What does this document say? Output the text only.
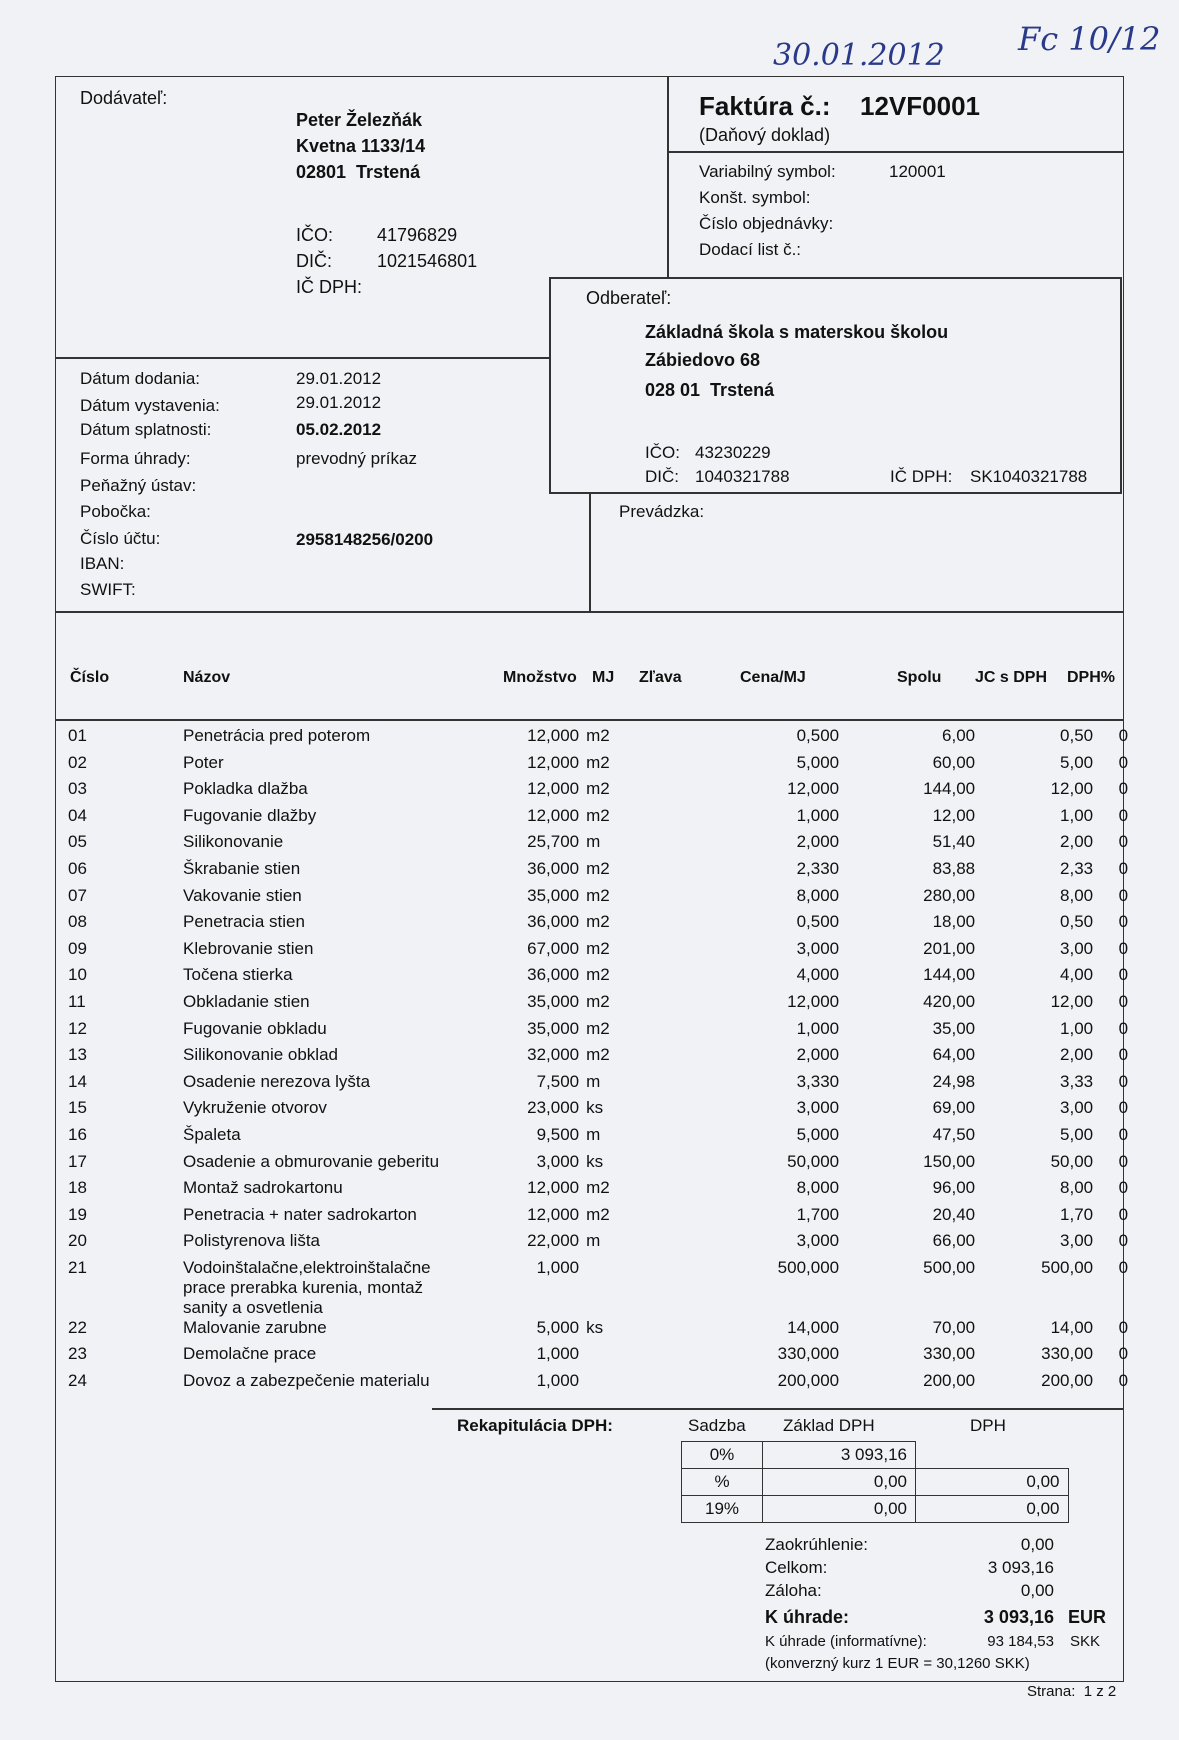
30.01.2012 Fc 10/12
Dodávateľ:
Peter Železňák
Kvetna 1133/14
02801  Trstená
IČO: 41796829
DIČ:	1021546801
IČ DPH:
Faktúra č.: 12VF0001
(Daňový doklad)
Variabilný symbol:	120001
Konšt. symbol:
Číslo objednávky:
Dodací list č.:
Odberateľ:
Základná škola s materskou školou
Zábiedovo 68
028 01  Trstená
IČO: 43230229
DIČ: 1040321788	IČ DPH: SK1040321788
Dátum dodania:	29.01.2012
Dátum vystavenia:	29.01.2012
Dátum splatnosti:	05.02.2012
Forma úhrady:	prevodný príkaz
Peňažný ústav:
Pobočka:	Prevádzka:
Číslo účtu:	2958148256/0200
IBAN:
SWIFT:
Číslo	Názov	Množstvo MJ Zľava	Cena/MJ	Spolu JC s DPH DPH%
01	Penetrácia pred poterom	12,000	m2		0,500	6,00	0,50	0
02	Poter	12,000	m2		5,000	60,00	5,00	0
03	Pokladka dlažba	12,000	m2		12,000	144,00	12,00	0
04	Fugovanie dlažby	12,000	m2		1,000	12,00	1,00	0
05	Silikonovanie	25,700	m		2,000	51,40	2,00	0
06	Škrabanie stien	36,000	m2		2,330	83,88	2,33	0
07	Vakovanie stien	35,000	m2		8,000	280,00	8,00	0
08	Penetracia stien	36,000	m2		0,500	18,00	0,50	0
09	Klebrovanie stien	67,000	m2		3,000	201,00	3,00	0
10	Točena stierka	36,000	m2		4,000	144,00	4,00	0
11	Obkladanie stien	35,000	m2		12,000	420,00	12,00	0
12	Fugovanie obkladu	35,000	m2		1,000	35,00	1,00	0
13	Silikonovanie obklad	32,000	m2		2,000	64,00	2,00	0
14	Osadenie nerezova lyšta	7,500	m		3,330	24,98	3,33	0
15	Vykruženie otvorov	23,000	ks		3,000	69,00	3,00	0
16	Špaleta	9,500	m		5,000	47,50	5,00	0
17	Osadenie a obmurovanie geberitu	3,000	ks		50,000	150,00	50,00	0
18	Montaž sadrokartonu	12,000	m2		8,000	96,00	8,00	0
19	Penetracia + nater sadrokarton	12,000	m2		1,700	20,40	1,70	0
20	Polistyrenova lišta	22,000	m		3,000	66,00	3,00	0
21	Vodoinštalačne,elektroinštalačne prace prerabka kurenia, montaž sanity a osvetlenia	1,000			500,000	500,00	500,00	0
22	Malovanie zarubne	5,000	ks		14,000	70,00	14,00	0
23	Demolačne prace	1,000			330,000	330,00	330,00	0
24	Dovoz a zabezpečenie materialu	1,000			200,000	200,00	200,00	0
Rekapitulácia DPH:	Sadzba Základ DPH	DPH
0%	3 093,16	
%	0,00	0,00
19%	0,00	0,00
Zaokrúhlenie:	0,00
Celkom:	3 093,16
Záloha:	0,00
K úhrade:	3 093,16 EUR
K úhrade (informatívne):	93 184,53 SKK
(konverzný kurz 1 EUR = 30,1260 SKK)
Strana:  1 z 2
